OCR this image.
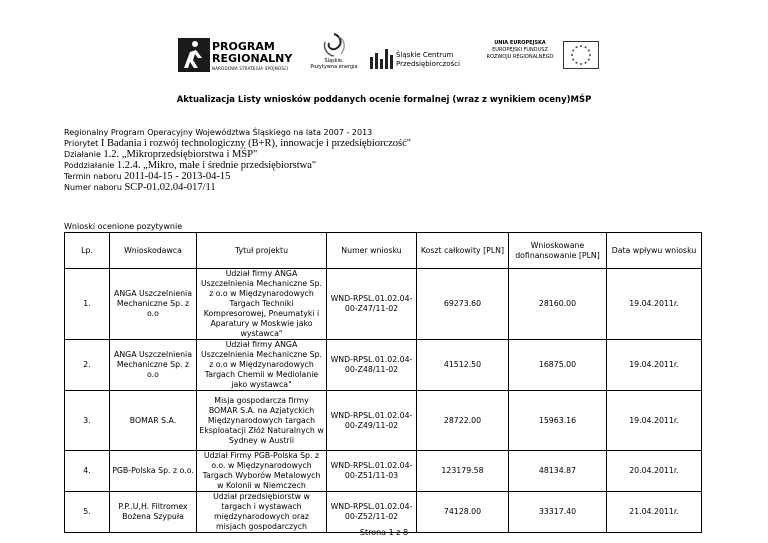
PROGRAM
REGIONALNY
NARODOWA STRATEGIA SPÓJNOŚCI
Śląskie.
Pozytywna energia
Śląskie Centrum
Przedsiębiorczości
UNIA EUROPEJSKA
EUROPEJSKI FUNDUSZ
ROZWOJU REGIONALNEGO
Aktualizacja Listy wniosków poddanych ocenie formalnej (wraz z wynikiem oceny)MŚP
Regionalny Program Operacyjny Województwa Śląskiego na lata 2007 - 2013
Priorytet I Badania i rozwój technologiczny (B+R), innowacje i przedsiębiorczość"
Działanie 1.2. „Mikroprzedsiębiorstwa i MŚP"
Poddziałanie 1.2.4. „Mikro, małe i średnie przedsiębiorstwa"
Termin naboru 2011-04-15 - 2013-04-15
Numer naboru SCP-01.02.04-017/11
Wnioski ocenione pozytywnie
Lp.	Wnioskodawca	Tytuł projektu	Numer wniosku	Koszt całkowity [PLN]	Wnioskowane dofinansowanie [PLN]	Data wpływu wniosku
1.	ANGA Uszczelnienia Mechaniczne Sp. z o.o	Udział firmy ANGA Uszczelnienia Mechaniczne Sp. z o.o w Międzynarodowych Targach Techniki Kompresorowej, Pneumatyki i Aparatury w Moskwie jako wystawca"	WND-RPSL.01.02.04-00-Z47/11-02	69273.60	28160.00	19.04.2011r.
2.	ANGA Uszczelnienia Mechaniczne Sp. z o.o	Udział firmy ANGA Uszczelnienia Mechaniczne Sp. z o.o w Międzynarodowych Targach Chemii w Mediolanie jako wystawca"	WND-RPSL.01.02.04-00-Z48/11-02	41512.50	16875.00	19.04.2011r.
3.	BOMAR S.A.	Misja gospodarcza firmy BOMAR S.A. na Azjatyckich Międzynarodowych targach Eksploatacji Złóż Naturalnych w Sydney w Austrii	WND-RPSL.01.02.04-00-Z49/11-02	28722.00	15963.16	19.04.2011r.
4.	PGB-Polska Sp. z o.o.	Udział Firmy PGB-Polska Sp. z o.o. w Międzynarodowych Targach Wyborów Metalowych w Kolonii w Niemczech	WND-RPSL.01.02.04-00-Z51/11-03	123179.58	48134.87	20.04.2011r.
5.	P.P..U,H. Filtromex Bożena Szypuła	Udział przedsiębiorstw w targach i wystawach międzynarodowych oraz misjach gospodarczych	WND-RPSL.01.02.04-00-Z52/11-02	74128.00	33317.40	21.04.2011r.
Strona 1 z 8
